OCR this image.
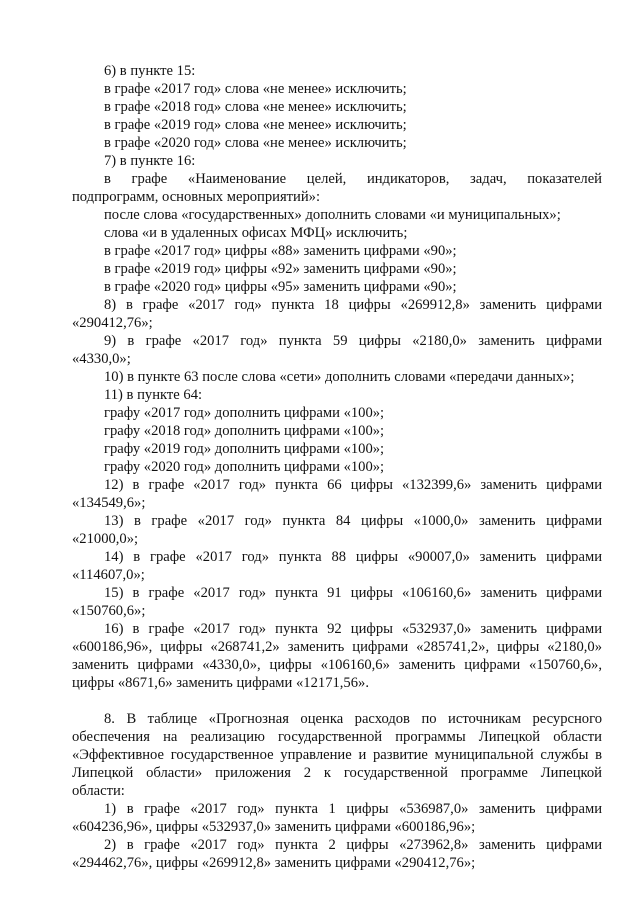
6) в пункте 15:
в графе «2017 год» слова «не менее» исключить;
в графе «2018 год» слова «не менее» исключить;
в графе «2019 год» слова «не менее» исключить;
в графе «2020 год» слова «не менее» исключить;
7) в пункте 16:
в графе «Наименование целей, индикаторов, задач, показателей
подпрограмм, основных мероприятий»:
после слова «государственных» дополнить словами «и муниципальных»;
слова «и в удаленных офисах МФЦ» исключить;
в графе «2017 год» цифры «88» заменить цифрами «90»;
в графе «2019 год» цифры «92» заменить цифрами «90»;
в графе «2020 год» цифры «95» заменить цифрами «90»;
8) в графе «2017 год» пункта 18 цифры «269912,8» заменить цифрами
«290412,76»;
9) в графе «2017 год» пункта 59 цифры «2180,0» заменить цифрами
«4330,0»;
10) в пункте 63 после слова «сети» дополнить словами «передачи данных»;
11) в пункте 64:
графу «2017 год» дополнить цифрами «100»;
графу «2018 год» дополнить цифрами «100»;
графу «2019 год» дополнить цифрами «100»;
графу «2020 год» дополнить цифрами «100»;
12) в графе «2017 год» пункта 66 цифры «132399,6» заменить цифрами
«134549,6»;
13) в графе «2017 год» пункта 84 цифры «1000,0» заменить цифрами
«21000,0»;
14) в графе «2017 год» пункта 88 цифры «90007,0» заменить цифрами
«114607,0»;
15) в графе «2017 год» пункта 91 цифры «106160,6» заменить цифрами
«150760,6»;
16) в графе «2017 год» пункта 92 цифры «532937,0» заменить цифрами
«600186,96», цифры «268741,2» заменить цифрами «285741,2», цифры «2180,0»
заменить цифрами «4330,0», цифры «106160,6» заменить цифрами «150760,6»,
цифры «8671,6» заменить цифрами «12171,56».
8. В таблице «Прогнозная оценка расходов по источникам ресурсного
обеспечения на реализацию государственной программы Липецкой области
«Эффективное государственное управление и развитие муниципальной службы в
Липецкой области» приложения 2 к государственной программе Липецкой
области:
1) в графе «2017 год» пункта 1 цифры «536987,0» заменить цифрами
«604236,96», цифры «532937,0» заменить цифрами «600186,96»;
2) в графе «2017 год» пункта 2 цифры «273962,8» заменить цифрами
«294462,76», цифры «269912,8» заменить цифрами «290412,76»;
